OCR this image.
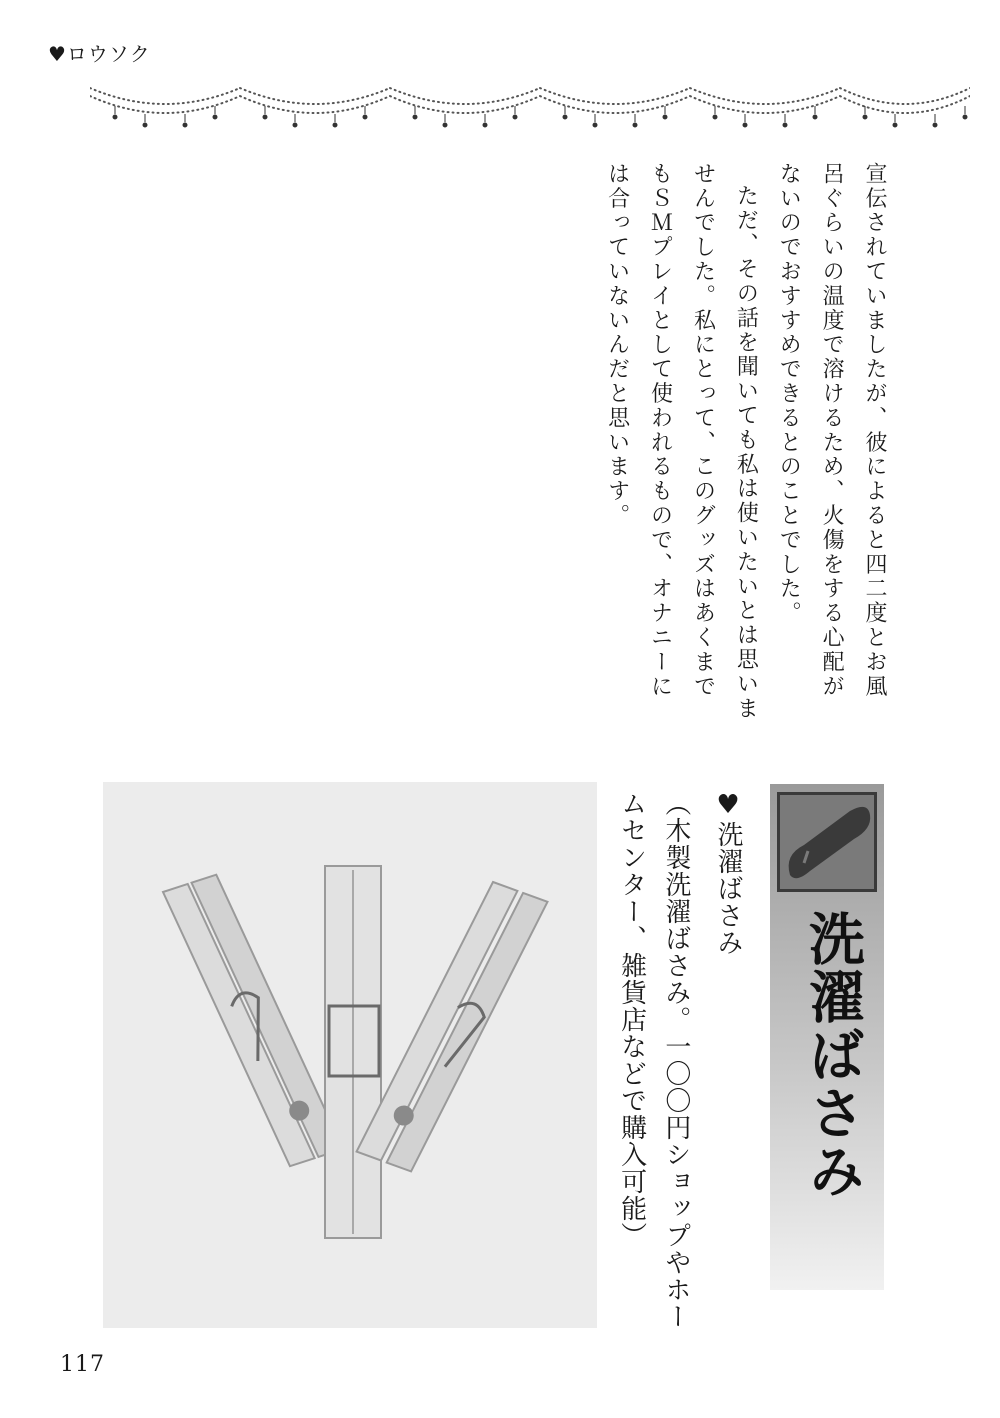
♥ロウソク

宣伝されていましたが、彼によると四二度とお風呂ぐらいの温度で溶けるため、火傷をする心配がないのでおすすめできるとのことでした。

ただ、その話を聞いても私は使いたいとは思いませんでした。私にとって、このグッズはあくまでもＳＭプレイとして使われるもので、オナニーには合っていないんだと思います。

洗濯ばさみ
♥洗濯ばさみ
（木製洗濯ばさみ。一〇〇円ショップやホームセンター、雑貨店などで購入可能）
117
